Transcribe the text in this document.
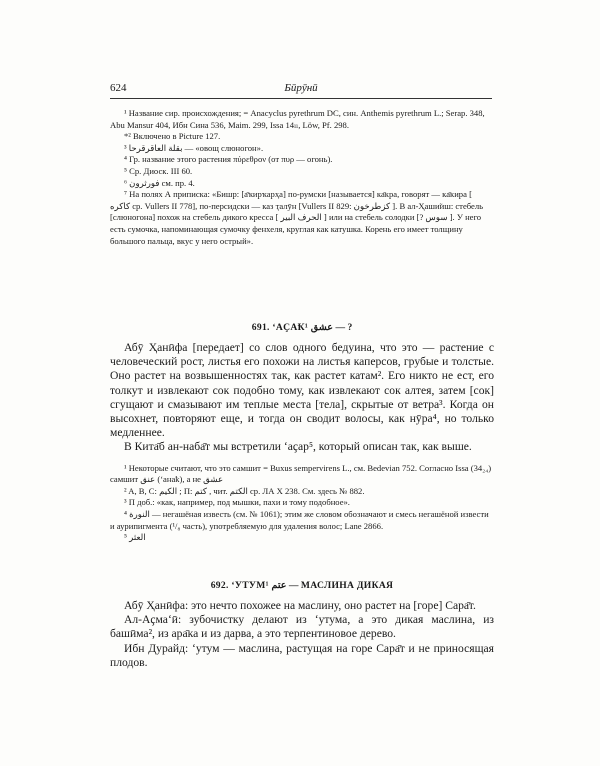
624	Бӣрӯнӣ

¹ Название сир. происхождения; = Anacyclus pyrethrum DC, син. Anthemis pyrethrum L.; Serap. 348, Abu Mansur 404, Ибн Сина 536, Maim. 299, Issa 14ₗₗ, Löw, Pf. 298.

*² Включено в Picture 127.

³ بقلة العاقرقرحا — «овощ слюногон».

⁴ Гр. название этого растения πύρεθρον (от πυρ — огонь).

⁵ Ср. Диоск. III 60.

⁶ فورثرون см. пр. 4.

⁷ На полях А приписка: «Бишр: [а̄ҡирҡарҳа] по-румски [называется] ка̄кра, говорят — ка̄кира [ كاكره ср. Vullers II 778], по-персидски — каз ҭалӯн [Vullers II 829: كزطرخون ]. В ал-Ҳаши̃иш: стебель [слюногона] похож на стебель дикого кресса [ الحرف البير ] или на стебель солодки [? سوس ]. У него есть сумочка, напоминающая сумочку фенхеля, круглая как катушка. Корень его имеет толщину большого пальца, вкус у него острый».

691. ʻАҪАҞ¹ عشق — ?

Абӯ Ҳанӣфа [передает] со слов одного бедуина, что это — растение с человеческий рост, листья его похожи на листья каперсов, грубые и толстые. Оно растет на возвышенностях так, как растет катам². Его никто не ест, его толкут и извлекают сок подобно тому, как извлекают сок алтея, затем [сок] сгущают и смазывают им теплые места [тела], скрытые от ветра³. Когда он высохнет, повторяют еще, и тогда он сводит волосы, как нӯра⁴, но только медленнее.

В Кита̄б ан-наба̄т мы встретили ʻаҫар⁵, который описан так, как выше.

¹ Некоторые считают, что это самшит = Buxus sempervirens L., см. Bedevian 752. Согласно Issa (34₂₄) самшит عنق (ʻанаҟ), а не عشق

² A, B, C: الكيم ; П: كتم , чит. الكتم ср. ЛА X 238. См. здесь № 882.

³ П доб.: «как, например, под мышки, пахи и тому подобное».

⁴ النورة — негашёная известь (см. № 1061); этим же словом обозначают и смесь негашёной извести и аурипигмента (¹/₈ часть), употребляемую для удаления волос; Lane 2866.

⁵ العثر

692. ʻУТУМ¹ عتم — МАСЛИНА ДИКАЯ

Абӯ Ҳанӣфа: это нечто похожее на маслину, оно растет на [горе] Сара̄т.

Ал-Аҫмаʻӣ: зубочистку делают из ʻутума, а это дикая маслина, из башӣма², из ара̄ка и из дарва, а это терпентиновое дерево.

Ибн Дурайд: ʻутум — маслина, растущая на горе Сара̄т и не приносящая плодов.
